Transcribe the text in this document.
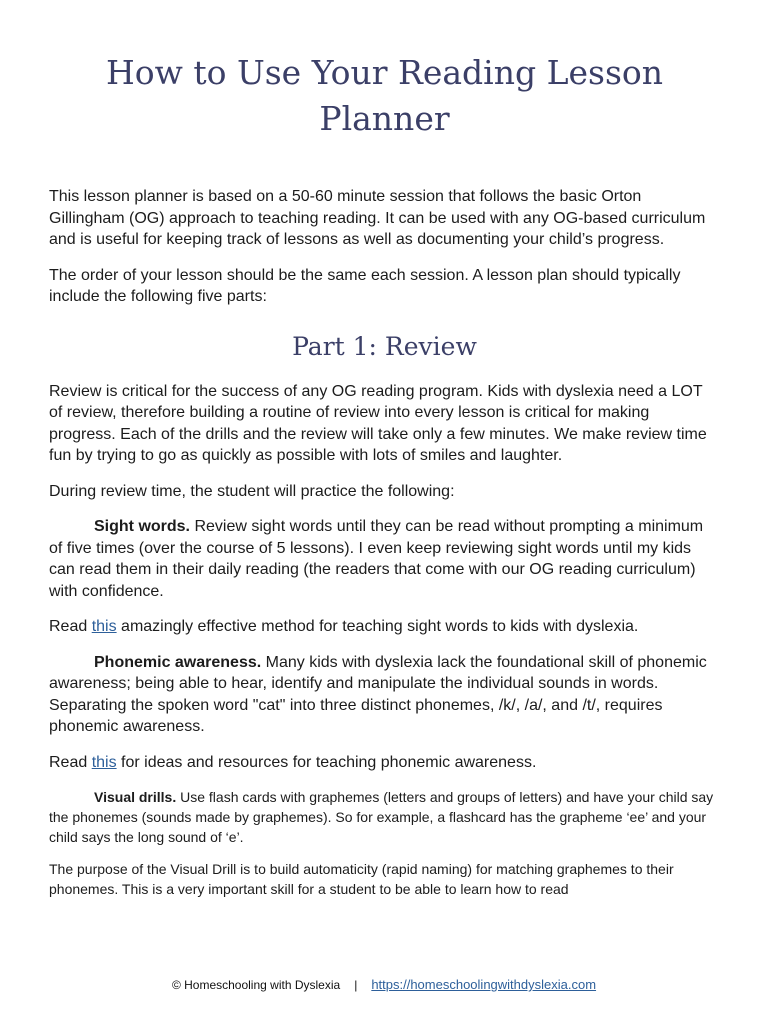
How to Use Your Reading Lesson Planner

This lesson planner is based on a 50-60 minute session that follows the basic Orton Gillingham (OG) approach to teaching reading. It can be used with any OG-based curriculum and is useful for keeping track of lessons as well as documenting your child’s progress.

The order of your lesson should be the same each session. A lesson plan should typically include the following five parts:

Part 1: Review

Review is critical for the success of any OG reading program. Kids with dyslexia need a LOT of review, therefore building a routine of review into every lesson is critical for making progress. Each of the drills and the review will take only a few minutes. We make review time fun by trying to go as quickly as possible with lots of smiles and laughter.

During review time, the student will practice the following:

Sight words. Review sight words until they can be read without prompting a minimum of five times (over the course of 5 lessons). I even keep reviewing sight words until my kids can read them in their daily reading (the readers that come with our OG reading curriculum) with confidence.

Read this amazingly effective method for teaching sight words to kids with dyslexia.

Phonemic awareness. Many kids with dyslexia lack the foundational skill of phonemic awareness; being able to hear, identify and manipulate the individual sounds in words. Separating the spoken word "cat" into three distinct phonemes, /k/, /a/, and /t/, requires phonemic awareness.

Read this for ideas and resources for teaching phonemic awareness.

Visual drills. Use flash cards with graphemes (letters and groups of letters) and have your child say the phonemes (sounds made by graphemes). So for example, a flashcard has the grapheme ‘ee’ and your child says the long sound of ‘e’.

The purpose of the Visual Drill is to build automaticity (rapid naming) for matching graphemes to their phonemes. This is a very important skill for a student to be able to learn how to read

© Homeschooling with Dyslexia | https://homeschoolingwithdyslexia.com
